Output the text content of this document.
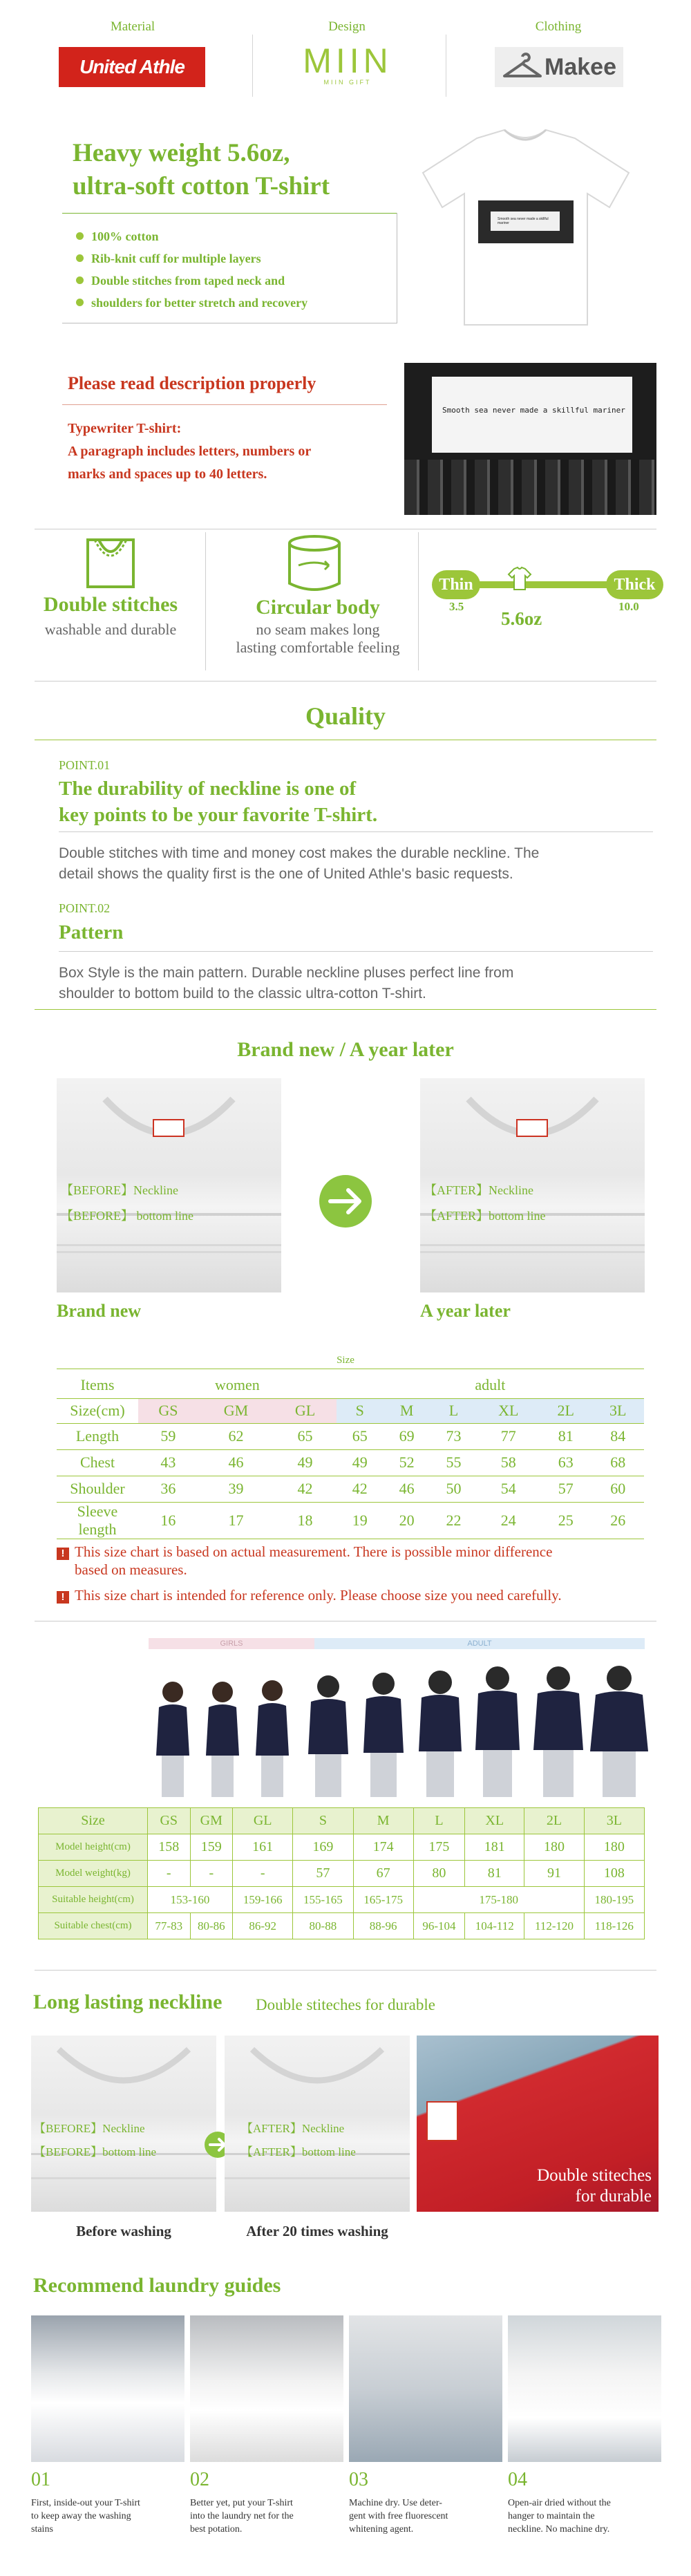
Material	Design	Clothing
United Athle	MIIN
MIIN GIFT
Makee
Heavy weight 5.6oz,
ultra-soft cotton T-shirt
100% cotton
Rib-knit cuff for multiple layers
Double stitches from taped neck and
shoulders for better stretch and recovery
Smooth sea never made a skillful mariner
Please read description properly
Typewriter T-shirt:
A paragraph includes letters, numbers or
marks and spaces up to 40 letters.
Smooth sea never made a skillful mariner
Double stitches
washable and durable
Circular body
no seam makes long
lasting comfortable feeling
Thin	Thick
3.5	10.0
5.6oz
Quality
POINT.01
The durability of neckline is one of
key points to be your favorite T-shirt.
Double stitches with time and money cost makes the durable neckline. The
detail shows the quality first is the one of United Athle's basic requests.
POINT.02
Pattern
Box Style is the main pattern. Durable neckline pluses perfect line from
shoulder to bottom build to the classic ultra-cotton T-shirt.
Brand new / A year later
【BEFORE】Neckline
【BEFORE】 bottom line
【AFTER】Neckline
【AFTER】bottom line
Brand new	A year later
Size
Items	women			adult					
Size(cm)	GS	GM	GL	S	M	L	XL	2L	3L
Length	59	62	65	65	69	73	77	81	84
Chest	43	46	49	49	52	55	58	63	68
Shoulder	36	39	42	42	46	50	54	57	60
Sleeve length	16	17	18	19	20	22	24	25	26
! This size chart is based on actual measurement. There is possible minor difference
based on measures.
! This size chart is intended for reference only. Please choose size you need carefully.
GIRLS	ADULT
Size	GS	GM	GL	S	M	L	XL	2L	3L
Model height(cm)	158	159	161	169	174	175	181	180	180
Model weight(kg)	-	-	-	57	67	80	81	91	108
Suitable height(cm)	153-160		159-166	155-165	165-175	175-180			180-195
Suitable chest(cm)	77-83	80-86	86-92	80-88	88-96	96-104	104-112	112-120	118-126
Long lasting neckline Double stiteches for durable
【BEFORE】Neckline
【BEFORE】bottom line
【AFTER】Neckline
【AFTER】bottom line
Double stiteches
for durable
Before washing	After 20 times washing
Recommend laundry guides
01
First, inside-out your T-shirt
to keep away the washing
stains
02
Better yet, put your T-shirt
into the laundry net for the
best potation.
03
Machine dry. Use deter-
gent with free fluorescent
whitening agent.
04
Open-air dried without the
hanger to maintain the
neckline. No machine dry.
